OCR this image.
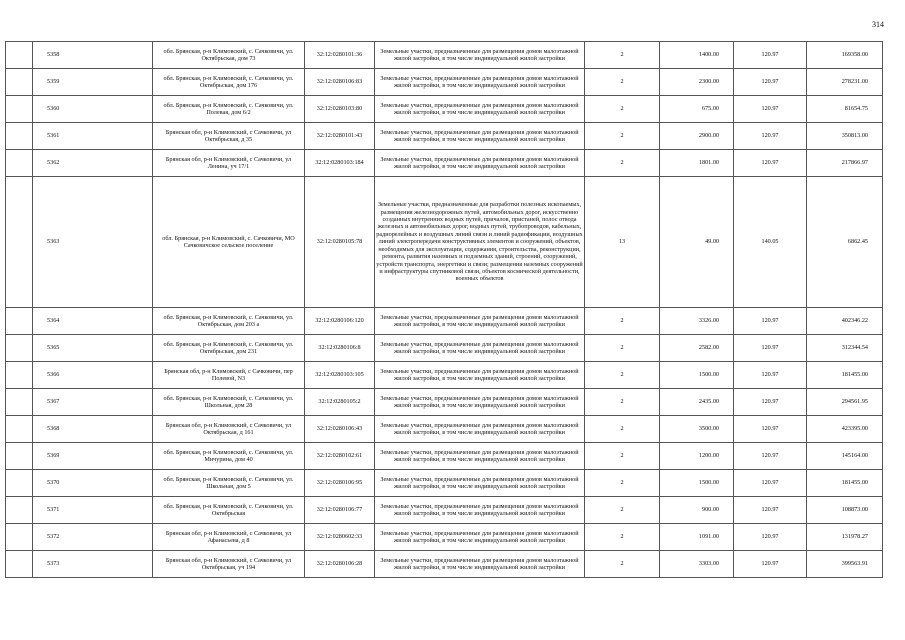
314
	5358	обл. Брянская, р-н Климовский, с. Сачковичи, ул. Октябрьская, дом 73	32:12:0280101:36	Земельные участки, предназначенные для размещения домов малоэтажной жилой застройки, в том числе индивидуальной жилой застройки	2	1400.00	120.97	169358.00
	5359	обл. Брянская, р-н Климовский, с. Сачковичи, ул. Октябрьская, дом 176	32:12:0280106:83	Земельные участки, предназначенные для размещения домов малоэтажной жилой застройки, в том числе индивидуальной жилой застройки	2	2300.00	120.97	278231.00
	5360	обл. Брянская, р-н Климовский, с. Сачковичи, ул. Полевая, дом 6/2	32:12:0280103:80	Земельные участки, предназначенные для размещения домов малоэтажной жилой застройки, в том числе индивидуальной жилой застройки	2	675.00	120.97	81654.75
	5361	Брянская обл, р-н Климовский, с Сачковичи, ул Октябрьская, д 35	32:12:0280101:43	Земельные участки, предназначенные для размещения домов малоэтажной жилой застройки, в том числе индивидуальной жилой застройки	2	2900.00	120.97	350813.00
	5362	Брянская обл, р-н Климовский, с Сачковичи, ул Ленина, уч 17/1	32:12:0280103:184	Земельные участки, предназначенные для размещения домов малоэтажной жилой застройки, в том числе индивидуальной жилой застройки	2	1801.00	120.97	217866.97
	5363	обл. Брянская, р-н Климовский, с. Сачковичи, МО Сачковичское сельское поселение	32:12:0280105:78	Земельные участки, предназначенные для разработки полезных ископаемых, размещения железнодорожных путей, автомобильных дорог, искусственно созданных внутренних водных путей, причалов, пристаней, полос отвода железных и автомобильных дорог, водных путей, трубопроводов, кабельных, радиорелейных и воздушных линий связи и линий радиофикации, воздушных линий электропередачи конструктивных элементов и сооружений, объектов, необходимых для эксплуатации, содержания, строительства, реконструкции, ремонта, развития наземных и подземных зданий, строений, сооружений, устройств транспорта, энергетики и связи; размещения наземных сооружений и инфраструктуры спутниковой связи, объектов космической деятельности, военных объектов	13	49.00	140.05	6862.45
	5364	обл. Брянская, р-н Климовский, с. Сачковичи, ул. Октябрьская, дом 203 а	32:12:0280106:120	Земельные участки, предназначенные для размещения домов малоэтажной жилой застройки, в том числе индивидуальной жилой застройки	2	3326.00	120.97	402346.22
	5365	обл. Брянская, р-н Климовский, с. Сачковичи, ул. Октябрьская, дом 231	32:12:0280106:8	Земельные участки, предназначенные для размещения домов малоэтажной жилой застройки, в том числе индивидуальной жилой застройки	2	2582.00	120.97	312344.54
	5366	Брянская обл, р-н Климовский, с Сачковичи, пер Полевой, N3	32:12:0280103:105	Земельные участки, предназначенные для размещения домов малоэтажной жилой застройки, в том числе индивидуальной жилой застройки	2	1500.00	120.97	181455.00
	5367	обл. Брянская, р-н Климовский, с. Сачковичи, ул. Школьная, дом 28	32:12:0280105:2	Земельные участки, предназначенные для размещения домов малоэтажной жилой застройки, в том числе индивидуальной жилой застройки	2	2435.00	120.97	294561.95
	5368	Брянская обл, р-н Климовский, с Сачковичи, ул Октябрьская, д 161	32:12:0280106:43	Земельные участки, предназначенные для размещения домов малоэтажной жилой застройки, в том числе индивидуальной жилой застройки	2	3500.00	120.97	423395.00
	5369	обл. Брянская, р-н Климовский, с. Сачковичи, ул. Мичурина, дом 40	32:12:0280102:61	Земельные участки, предназначенные для размещения домов малоэтажной жилой застройки, в том числе индивидуальной жилой застройки	2	1200.00	120.97	145164.00
	5370	обл. Брянская, р-н Климовский, с. Сачковичи, ул. Школьная, дом 5	32:12:0280106:95	Земельные участки, предназначенные для размещения домов малоэтажной жилой застройки, в том числе индивидуальной жилой застройки	2	1500.00	120.97	181455.00
	5371	обл. Брянская, р-н Климовский, с. Сачковичи, ул. Октябрьская	32:12:0280106:77	Земельные участки, предназначенные для размещения домов малоэтажной жилой застройки, в том числе индивидуальной жилой застройки	2	900.00	120.97	108873.00
	5372	Брянская обл, р-н Климовский, с Сачковичи, ул Афанасьева, д 8	32:12:0280602:33	Земельные участки, предназначенные для размещения домов малоэтажной жилой застройки, в том числе индивидуальной жилой застройки	2	1091.00	120.97	131978.27
	5373	Брянская обл, р-н Климовский, с Сачковичи, ул Октябрьская, уч 194	32:12:0280106:28	Земельные участки, предназначенные для размещения домов малоэтажной жилой застройки, в том числе индивидуальной жилой застройки	2	3303.00	120.97	399563.91
